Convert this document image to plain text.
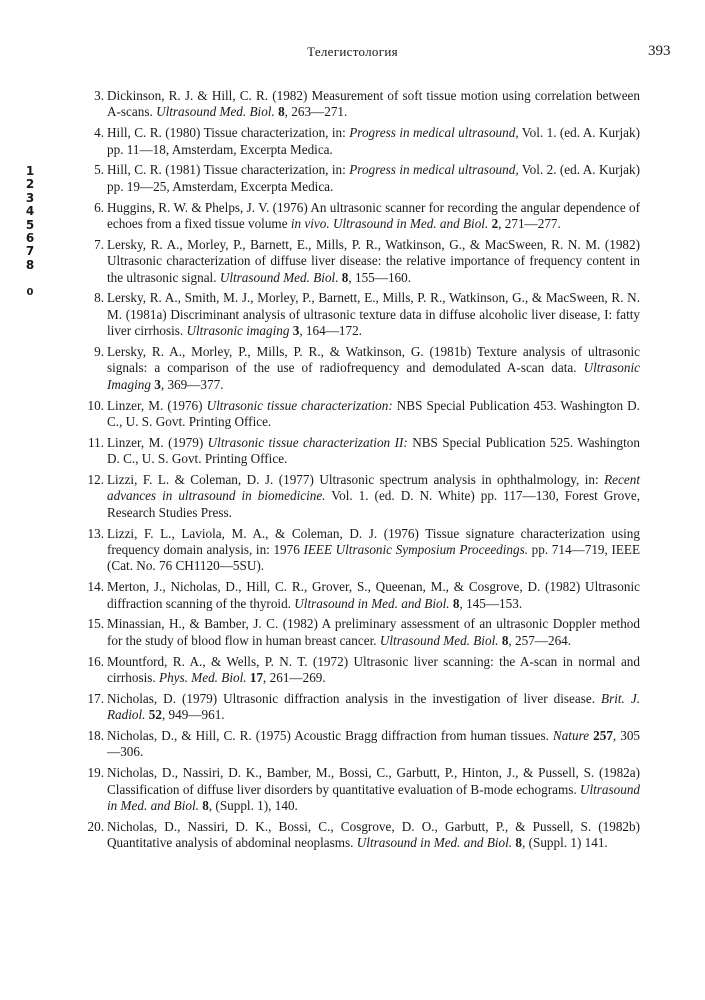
Телегистология	393
1
2
3
4
5
6
7
8
0
3. Dickinson, R. J. & Hill, C. R. (1982) Measurement of soft tissue motion using correlation between A-scans. Ultrasound Med. Biol. 8, 263—271.
4. Hill, C. R. (1980) Tissue characterization, in: Progress in medical ultrasound, Vol. 1. (ed. A. Kurjak) pp. 11—18, Amsterdam, Excerpta Medica.
5. Hill, C. R. (1981) Tissue characterization, in: Progress in medical ultrasound, Vol. 2. (ed. A. Kurjak) pp. 19—25, Amsterdam, Excerpta Medica.
6. Huggins, R. W. & Phelps, J. V. (1976) An ultrasonic scanner for recording the angular dependence of echoes from a fixed tissue volume in vivo. Ultrasound in Med. and Biol. 2, 271—277.
7. Lersky, R. A., Morley, P., Barnett, E., Mills, P. R., Watkinson, G., & MacSween, R. N. M. (1982) Ultrasonic characterization of diffuse liver disease: the relative importance of frequency content in the ultrasonic signal. Ultrasound Med. Biol. 8, 155—160.
8. Lersky, R. A., Smith, M. J., Morley, P., Barnett, E., Mills, P. R., Watkinson, G., & MacSween, R. N. M. (1981a) Discriminant analysis of ultrasonic texture data in diffuse alcoholic liver disease, I: fatty liver cirrhosis. Ultrasonic imaging 3, 164—172.
9. Lersky, R. A., Morley, P., Mills, P. R., & Watkinson, G. (1981b) Texture analysis of ultrasonic signals: a comparison of the use of radiofrequency and demodulated A-scan data. Ultrasonic Imaging 3, 369—377.
10. Linzer, M. (1976) Ultrasonic tissue characterization: NBS Special Publication 453. Washington D. C., U. S. Govt. Printing Office.
11. Linzer, M. (1979) Ultrasonic tissue characterization II: NBS Special Publication 525. Washington D. C., U. S. Govt. Printing Office.
12. Lizzi, F. L. & Coleman, D. J. (1977) Ultrasonic spectrum analysis in ophthalmology, in: Recent advances in ultrasound in biomedicine. Vol. 1. (ed. D. N. White) pp. 117—130, Forest Grove, Research Studies Press.
13. Lizzi, F. L., Laviola, M. A., & Coleman, D. J. (1976) Tissue signature characterization using frequency domain analysis, in: 1976 IEEE Ultrasonic Symposium Proceedings. pp. 714—719, IEEE (Cat. No. 76 CH1120—5SU).
14. Merton, J., Nicholas, D., Hill, C. R., Grover, S., Queenan, M., & Cosgrove, D. (1982) Ultrasonic diffraction scanning of the thyroid. Ultrasound in Med. and Biol. 8, 145—153.
15. Minassian, H., & Bamber, J. C. (1982) A preliminary assessment of an ultrasonic Doppler method for the study of blood flow in human breast cancer. Ultrasound Med. Biol. 8, 257—264.
16. Mountford, R. A., & Wells, P. N. T. (1972) Ultrasonic liver scanning: the A-scan in normal and cirrhosis. Phys. Med. Biol. 17, 261—269.
17. Nicholas, D. (1979) Ultrasonic diffraction analysis in the investigation of liver disease. Brit. J. Radiol. 52, 949—961.
18. Nicholas, D., & Hill, C. R. (1975) Acoustic Bragg diffraction from human tissues. Nature 257, 305—306.
19. Nicholas, D., Nassiri, D. K., Bamber, M., Bossi, C., Garbutt, P., Hinton, J., & Pussell, S. (1982a) Classification of diffuse liver disorders by quantitative evaluation of B-mode echograms. Ultrasound in Med. and Biol. 8, (Suppl. 1), 140.
20. Nicholas, D., Nassiri, D. K., Bossi, C., Cosgrove, D. O., Garbutt, P., & Pussell, S. (1982b) Quantitative analysis of abdominal neoplasms. Ultrasound in Med. and Biol. 8, (Suppl. 1) 141.
